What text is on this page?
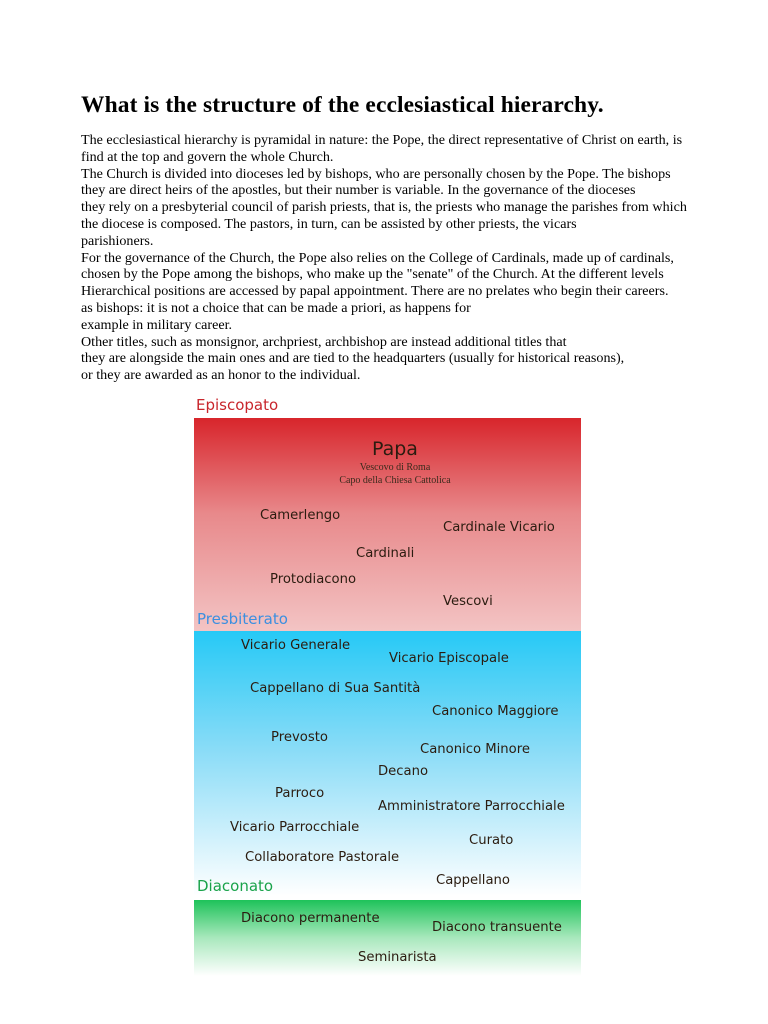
What is the structure of the ecclesiastical hierarchy.
The ecclesiastical hierarchy is pyramidal in nature: the Pope, the direct representative of Christ on earth, is
find at the top and govern the whole Church.
The Church is divided into dioceses led by bishops, who are personally chosen by the Pope. The bishops
they are direct heirs of the apostles, but their number is variable. In the governance of the dioceses
they rely on a presbyterial council of parish priests, that is, the priests who manage the parishes from which
the diocese is composed. The pastors, in turn, can be assisted by other priests, the vicars
parishioners.
For the governance of the Church, the Pope also relies on the College of Cardinals, made up of cardinals,
chosen by the Pope among the bishops, who make up the "senate" of the Church. At the different levels
Hierarchical positions are accessed by papal appointment. There are no prelates who begin their careers.
as bishops: it is not a choice that can be made a priori, as happens for
example in military career.
Other titles, such as monsignor, archpriest, archbishop are instead additional titles that
they are alongside the main ones and are tied to the headquarters (usually for historical reasons),
or they are awarded as an honor to the individual.
Episcopato
Papa
Vescovo di Roma
Capo della Chiesa Cattolica
Camerlengo
Cardinale Vicario
Cardinali
Protodiacono
Vescovi
Presbiterato
Vicario Generale
Vicario Episcopale
Cappellano di Sua Santità
Canonico Maggiore
Prevosto
Canonico Minore
Decano
Parroco
Amministratore Parrocchiale
Vicario Parrocchiale
Curato
Collaboratore Pastorale
Cappellano
Diaconato
Diacono permanente
Diacono transuente
Seminarista
